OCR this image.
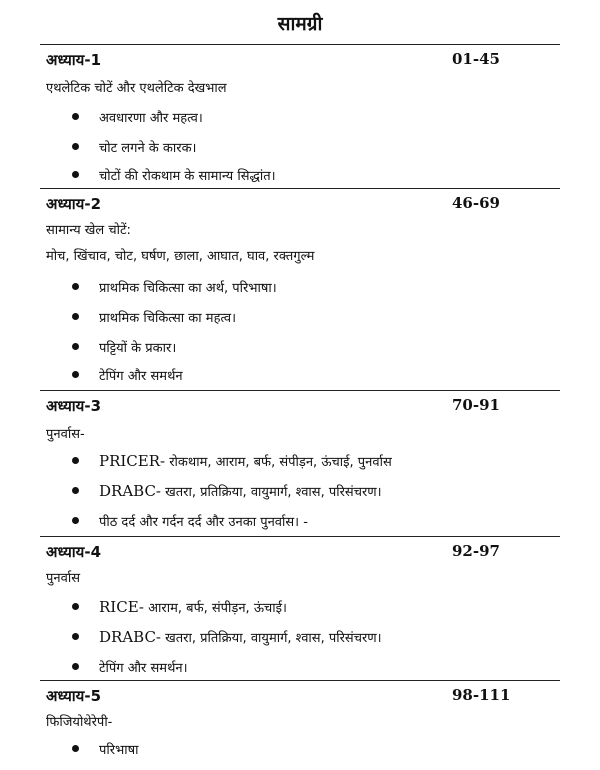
सामग्री
अध्याय-1	01-45
एथलेटिक चोटें और एथलेटिक देखभाल
अवधारणा और महत्व।
चोट लगने के कारक।
चोटों की रोकथाम के सामान्य सिद्धांत।
अध्याय-2	46-69
सामान्य खेल चोटें:
मोच, खिंचाव, चोट, घर्षण, छाला, आघात, घाव, रक्तगुल्म
प्राथमिक चिकित्सा का अर्थ, परिभाषा।
प्राथमिक चिकित्सा का महत्व।
पट्टियों के प्रकार।
टेपिंग और समर्थन
अध्याय-3	70-91
पुनर्वास-
PRICER- रोकथाम, आराम, बर्फ, संपीड़न, ऊंचाई, पुनर्वास
DRABC- खतरा, प्रतिक्रिया, वायुमार्ग, श्वास, परिसंचरण।
पीठ दर्द और गर्दन दर्द और उनका पुनर्वास। -
अध्याय-4	92-97
पुनर्वास
RICE- आराम, बर्फ, संपीड़न, ऊंचाई।
DRABC- खतरा, प्रतिक्रिया, वायुमार्ग, श्वास, परिसंचरण।
टेपिंग और समर्थन।
अध्याय-5	98-111
फिजियोथेरेपी-
परिभाषा
